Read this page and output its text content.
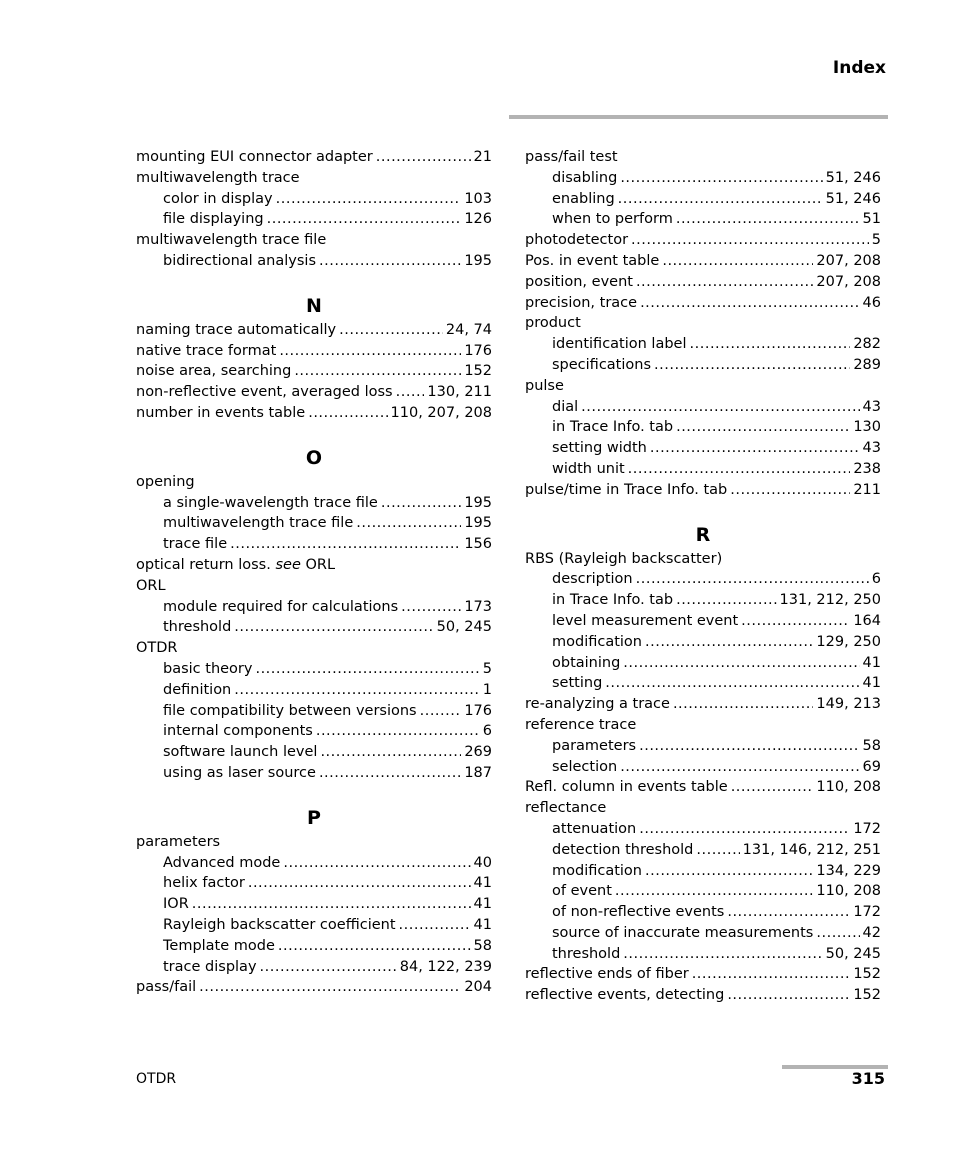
Index
mounting EUI connector adapter .....	21
multiwavelength trace
color in display .....	103
file displaying .....	126
multiwavelength trace file
bidirectional analysis .....	195
N
naming trace automatically .....	24, 74
native trace format .....	176
noise area, searching .....	152
non-reflective event, averaged loss ..... 130, 211
number in events table .....	110, 207, 208
O
opening
a single-wavelength trace file .....	195
multiwavelength trace file .....	195
trace file .....	156
optical return loss. see ORL
ORL
module required for calculations .....	173
threshold .....	50, 245
OTDR
basic theory .....	5
definition .....	1
file compatibility between versions .....	176
internal components .....	6
software launch level .....	269
using as laser source .....	187
P
parameters
Advanced mode .....	40
helix factor .....	41
IOR .....	41
Rayleigh backscatter coefficient .....	41
Template mode .....	58
trace display .....	84, 122, 239
pass/fail .....	204
pass/fail test
disabling .....	51, 246
enabling .....	51, 246
when to perform .....	51
photodetector .....	5
Pos. in event table .....	207, 208
position, event .....	207, 208
precision, trace .....	46
product
identification label .....	282
specifications .....	289
pulse
dial .....	43
in Trace Info. tab .....	130
setting width .....	43
width unit .....	238
pulse/time in Trace Info. tab .....	211
R
RBS (Rayleigh backscatter)
description .....	6
in Trace Info. tab .....	131, 212, 250
level measurement event .....	164
modification .....	129, 250
obtaining .....	41
setting .....	41
re-analyzing a trace .....	149, 213
reference trace
parameters .....	58
selection .....	69
Refl. column in events table .....	110, 208
reflectance
attenuation .....	172
detection threshold .....	131, 146, 212, 251
modification .....	134, 229
of event .....	110, 208
of non-reflective events .....	172
source of inaccurate measurements .....	42
threshold .....	50, 245
reflective ends of fiber .....	152
reflective events, detecting .....	152
OTDR	315
